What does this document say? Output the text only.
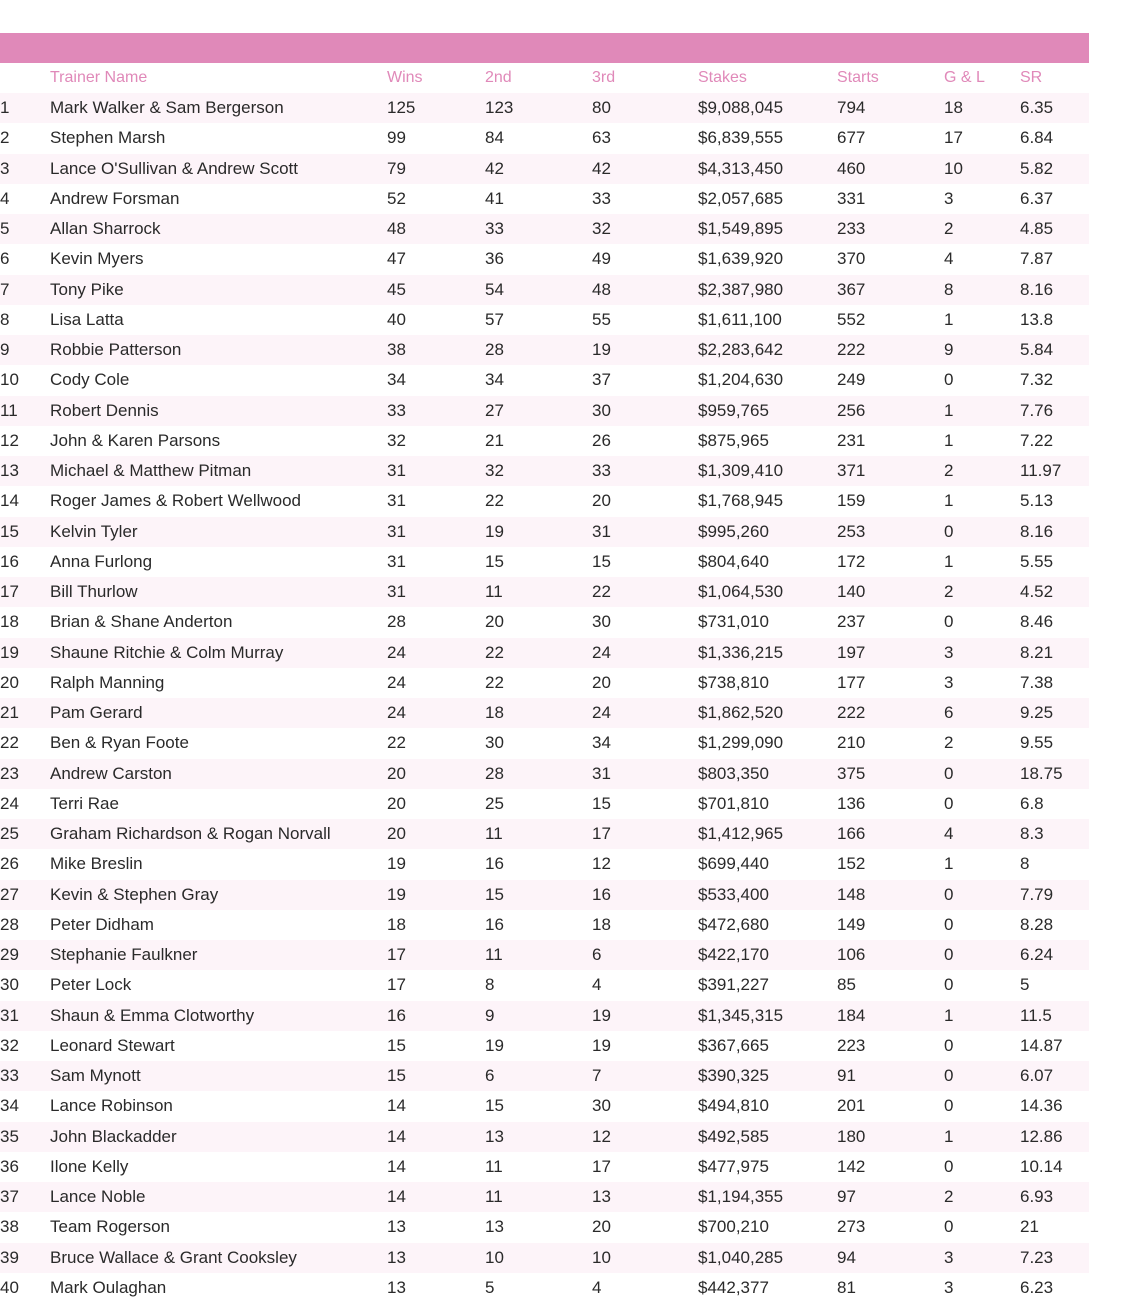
	Trainer Name	Wins	2nd	3rd	Stakes	Starts	G & L	SR
1	Mark Walker & Sam Bergerson	125	123	80	$9,088,045	794	18	6.35
2	Stephen Marsh	99	84	63	$6,839,555	677	17	6.84
3	Lance O'Sullivan & Andrew Scott	79	42	42	$4,313,450	460	10	5.82
4	Andrew Forsman	52	41	33	$2,057,685	331	3	6.37
5	Allan Sharrock	48	33	32	$1,549,895	233	2	4.85
6	Kevin Myers	47	36	49	$1,639,920	370	4	7.87
7	Tony Pike	45	54	48	$2,387,980	367	8	8.16
8	Lisa Latta	40	57	55	$1,611,100	552	1	13.8
9	Robbie Patterson	38	28	19	$2,283,642	222	9	5.84
10	Cody Cole	34	34	37	$1,204,630	249	0	7.32
11	Robert Dennis	33	27	30	$959,765	256	1	7.76
12	John & Karen Parsons	32	21	26	$875,965	231	1	7.22
13	Michael & Matthew Pitman	31	32	33	$1,309,410	371	2	11.97
14	Roger James & Robert Wellwood	31	22	20	$1,768,945	159	1	5.13
15	Kelvin Tyler	31	19	31	$995,260	253	0	8.16
16	Anna Furlong	31	15	15	$804,640	172	1	5.55
17	Bill Thurlow	31	11	22	$1,064,530	140	2	4.52
18	Brian & Shane Anderton	28	20	30	$731,010	237	0	8.46
19	Shaune Ritchie & Colm Murray	24	22	24	$1,336,215	197	3	8.21
20	Ralph Manning	24	22	20	$738,810	177	3	7.38
21	Pam Gerard	24	18	24	$1,862,520	222	6	9.25
22	Ben & Ryan Foote	22	30	34	$1,299,090	210	2	9.55
23	Andrew Carston	20	28	31	$803,350	375	0	18.75
24	Terri Rae	20	25	15	$701,810	136	0	6.8
25	Graham Richardson & Rogan Norvall	20	11	17	$1,412,965	166	4	8.3
26	Mike Breslin	19	16	12	$699,440	152	1	8
27	Kevin & Stephen Gray	19	15	16	$533,400	148	0	7.79
28	Peter Didham	18	16	18	$472,680	149	0	8.28
29	Stephanie Faulkner	17	11	6	$422,170	106	0	6.24
30	Peter Lock	17	8	4	$391,227	85	0	5
31	Shaun & Emma Clotworthy	16	9	19	$1,345,315	184	1	11.5
32	Leonard Stewart	15	19	19	$367,665	223	0	14.87
33	Sam Mynott	15	6	7	$390,325	91	0	6.07
34	Lance Robinson	14	15	30	$494,810	201	0	14.36
35	John Blackadder	14	13	12	$492,585	180	1	12.86
36	Ilone Kelly	14	11	17	$477,975	142	0	10.14
37	Lance Noble	14	11	13	$1,194,355	97	2	6.93
38	Team Rogerson	13	13	20	$700,210	273	0	21
39	Bruce Wallace & Grant Cooksley	13	10	10	$1,040,285	94	3	7.23
40	Mark Oulaghan	13	5	4	$442,377	81	3	6.23
